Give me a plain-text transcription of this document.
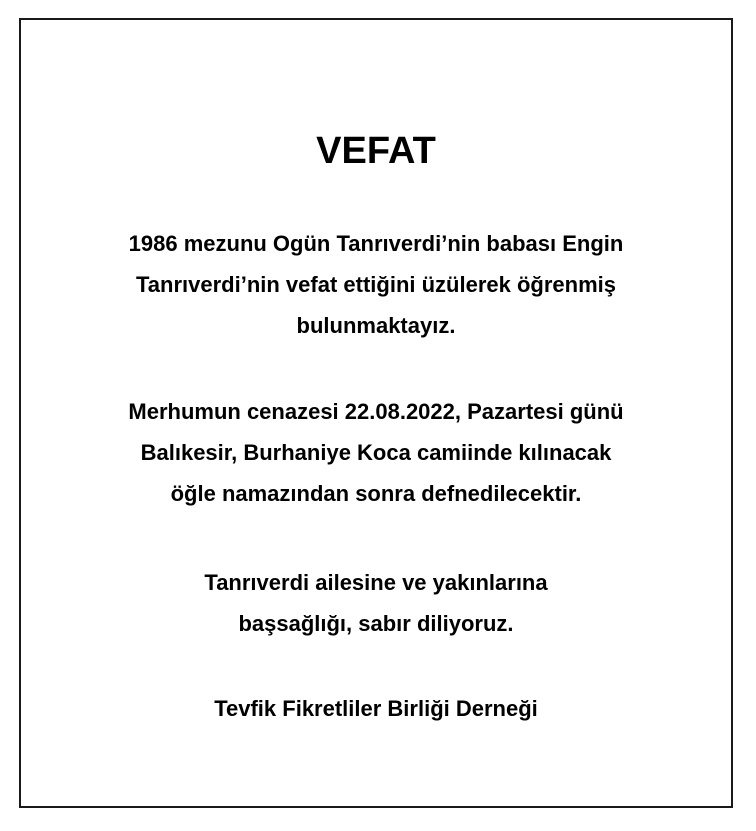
VEFAT

1986 mezunu Ogün Tanrıverdi’nin babası Engin
Tanrıverdi’nin vefat ettiğini üzülerek öğrenmiş
bulunmaktayız.

Merhumun cenazesi 22.08.2022, Pazartesi günü
Balıkesir, Burhaniye Koca camiinde kılınacak
öğle namazından sonra defnedilecektir.

Tanrıverdi ailesine ve yakınlarına
başsağlığı, sabır diliyoruz.

Tevfik Fikretliler Birliği Derneği
